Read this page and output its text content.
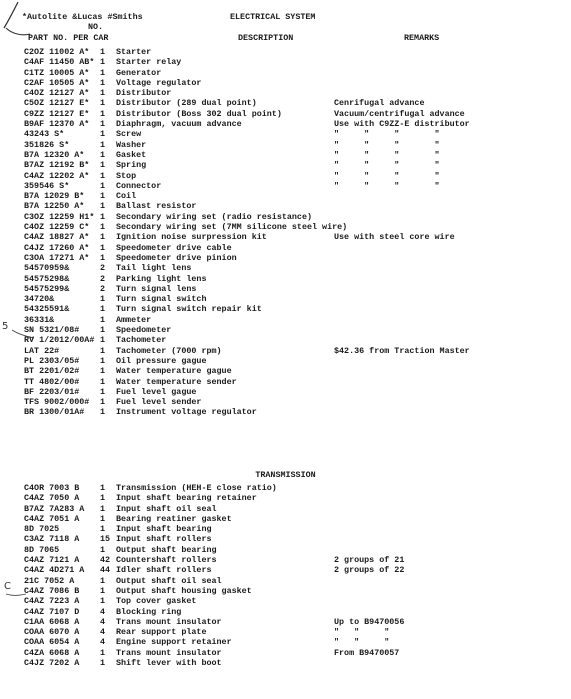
*Autolite &Lucas #Smiths	ELECTRICAL SYSTEM
NO.
PART NO. PER CAR	DESCRIPTION	REMARKS
C2OZ 11002 A* 1 Starter
C4AF 11450 AB* 1 Starter relay
C1TZ 10005 A* 1 Generator
C2AF 10505 A* 1 Voltage regulator
C4OZ 12127 A* 1 Distributor
C5OZ 12127 E* 1 Distributor (289 dual point)	Cenrifugal advance
C9ZZ 12127 E* 1 Distributor (Boss 302 dual point)	Vacuum/centrifugal advance
B9AF 12370 A* 1 Diaphragm, vacuum advance	Use with C9ZZ-E distributor
43243 S*	1 Screw	"     "     "       "
351826 S*	1 Washer	"     "     "       "
B7A 12320 A* 1 Gasket	"     "     "       "
B7AZ 12192 B* 1 Spring	"     "     "       "
C4AZ 12202 A* 1 Stop	"     "     "       "
359546 S*	1 Connector	"     "     "       "
B7A 12029 B* 1 Coil
B7A 12250 A* 1 Ballast resistor
C3OZ 12259 H1* 1 Secondary wiring set (radio resistance)
C4OZ 12259 C* 1 Secondary wiring set (7MM silicone steel wire)
C4AZ 18827 A* 1 Ignition noise surpression kit	Use with steel core wire
C4JZ 17260 A* 1 Speedometer drive cable
C3OA 17271 A* 1 Speedometer drive pinion
54570959&	2 Tail light lens
54575298&	2 Parking light lens
54575299&	2 Turn signal lens
34720&	1 Turn signal switch
54325591&	1 Turn signal switch repair kit
36331&	1 Ammeter
SN 5321/08# 1 Speedometer
RV 1/2012/00A# 1 Tachometer
LAT 22#	1 Tachometer (7000 rpm)	$42.36 from Traction Master
PL 2303/05# 1 Oil pressure gague
BT 2201/02# 1 Water temperature gague
TT 4802/00# 1 Water temperature sender
BF 2203/01# 1 Fuel level gague
TFS 9002/000# 1 Fuel level sender
BR 1300/01A# 1 Instrument voltage regulator
TRANSMISSION
C4OR 7003 B 1 Transmission (HEH-E close ratio)
C4AZ 7050 A 1 Input shaft bearing retainer
B7AZ 7A283 A 1 Input shaft oil seal
C4AZ 7051 A 1 Bearing reatiner gasket
8D 7025	1 Input shaft bearing
C3AZ 7118 A 15 Input shaft rollers
8D 7065	1 Output shaft bearing
C4AZ 7121 A 42 Countershaft rollers	2 groups of 21
C4AZ 4D271 A 44 Idler shaft rollers	2 groups of 22
21C 7052 A	1 Output shaft oil seal
C4AZ 7086 B 1 Output shaft housing gasket
C4AZ 7223 A 1 Top cover gasket
C4AZ 7107 D 4 Blocking ring
C1AA 6068 A 4 Trans mount insulator	Up to B9470056
COAA 6070 A 4 Rear support plate	"   "     "
COAA 6054 A 4 Engine support retainer	"   "     "
C4ZA 6068 A 1 Trans mount insulator	From B9470057
C4JZ 7202 A 1 Shift lever with boot
5
C
